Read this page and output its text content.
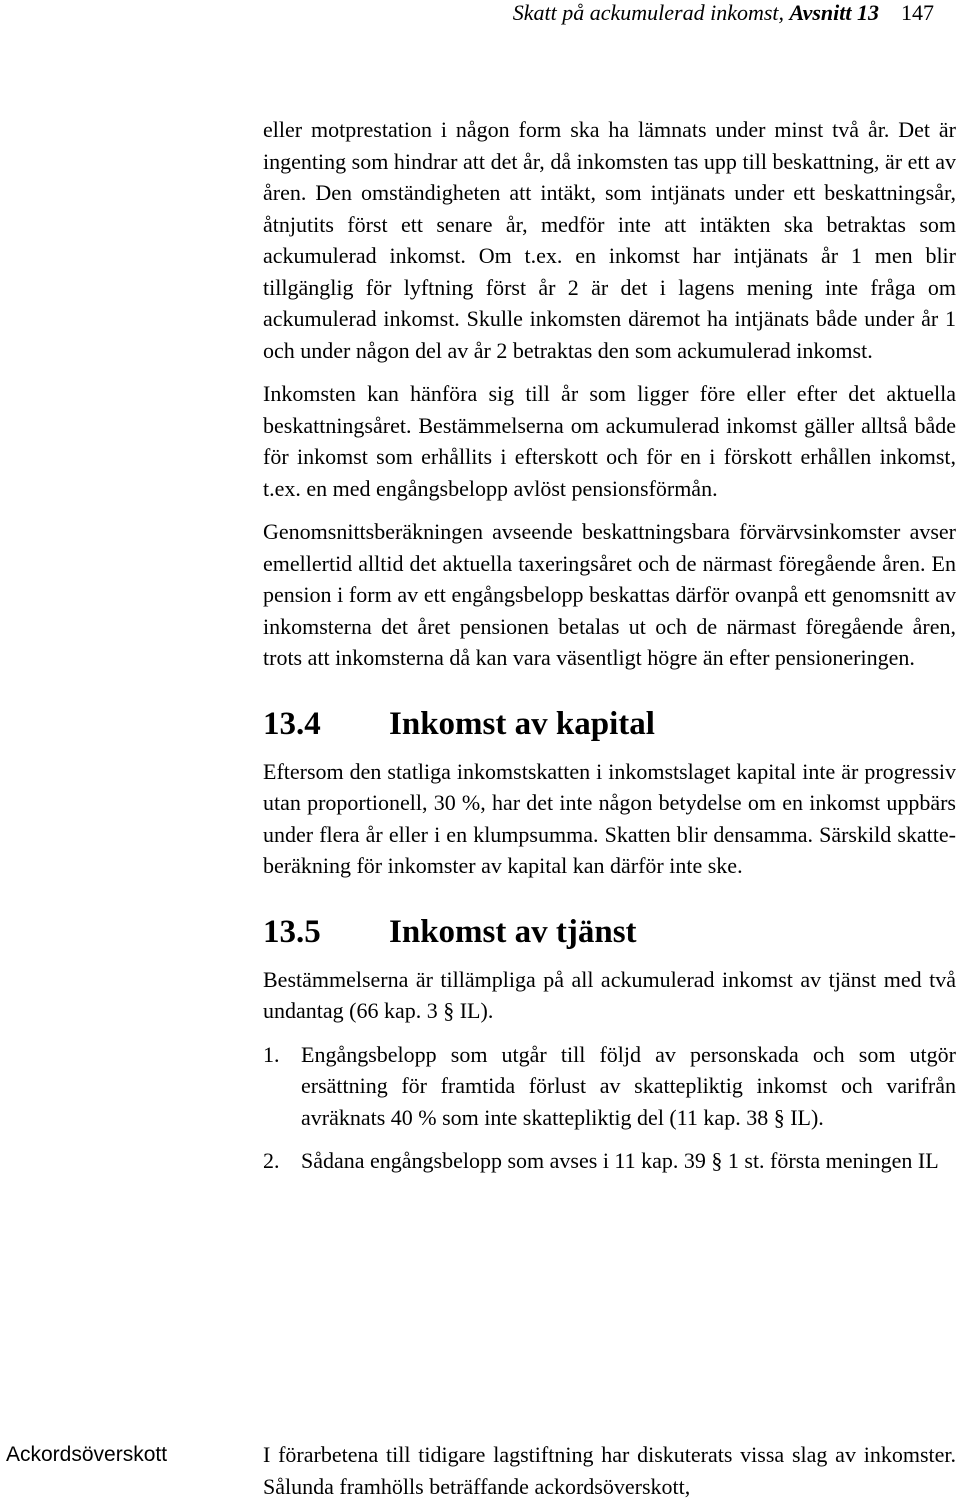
Skatt på ackumulerad inkomst, Avsnitt 13 147

eller motprestation i någon form ska ha lämnats under minst två år. Det är ingenting som hindrar att det år, då inkomsten tas upp till beskattning, är ett av åren. Den omständigheten att intäkt, som intjänats under ett beskattningsår, åtnjutits först ett senare år, medför inte att intäkten ska betraktas som ackumulerad inkomst. Om t.ex. en inkomst har intjänats år 1 men blir tillgänglig för lyftning först år 2 är det i lagens mening inte fråga om ackumulerad inkomst. Skulle inkomsten däremot ha intjänats både under år 1 och under någon del av år 2 betraktas den som ackumulerad inkomst.

Inkomsten kan hänföra sig till år som ligger före eller efter det aktuella beskattningsåret. Bestämmelserna om ackumulerad inkomst gäller alltså både för inkomst som erhållits i efterskott och för en i förskott erhållen inkomst, t.ex. en med engångsbelopp avlöst pensionsförmån.

Genomsnittsberäkningen avseende beskattningsbara förvärvsinkomster avser emellertid alltid det aktuella taxeringsåret och de närmast föregående åren. En pension i form av ett engångsbelopp beskattas därför ovanpå ett genomsnitt av inkomsterna det året pensionen betalas ut och de närmast föregående åren, trots att inkomsterna då kan vara väsentligt högre än efter pensioneringen.

13.4	Inkomst av kapital

Eftersom den statliga inkomstskatten i inkomstslaget kapital inte är progressiv utan proportionell, 30 %, har det inte någon betydelse om en inkomst uppbärs under flera år eller i en klumpsumma. Skatten blir densamma. Särskild skatteberäkning för inkomster av kapital kan därför inte ske.

13.5	Inkomst av tjänst

Bestämmelserna är tillämpliga på all ackumulerad inkomst av tjänst med två undantag (66 kap. 3 § IL).

1. Engångsbelopp som utgår till följd av personskada och som utgör ersättning för framtida förlust av skattepliktig inkomst och varifrån avräknats 40 % som inte skattepliktig del (11 kap. 38 § IL).
2. Sådana engångsbelopp som avses i 11 kap. 39 § 1 st. första meningen IL
Ackordsöverskott	I förarbetena till tidigare lagstiftning har diskuterats vissa slag av inkomster. Sålunda framhölls beträffande ackordsöverskott,
